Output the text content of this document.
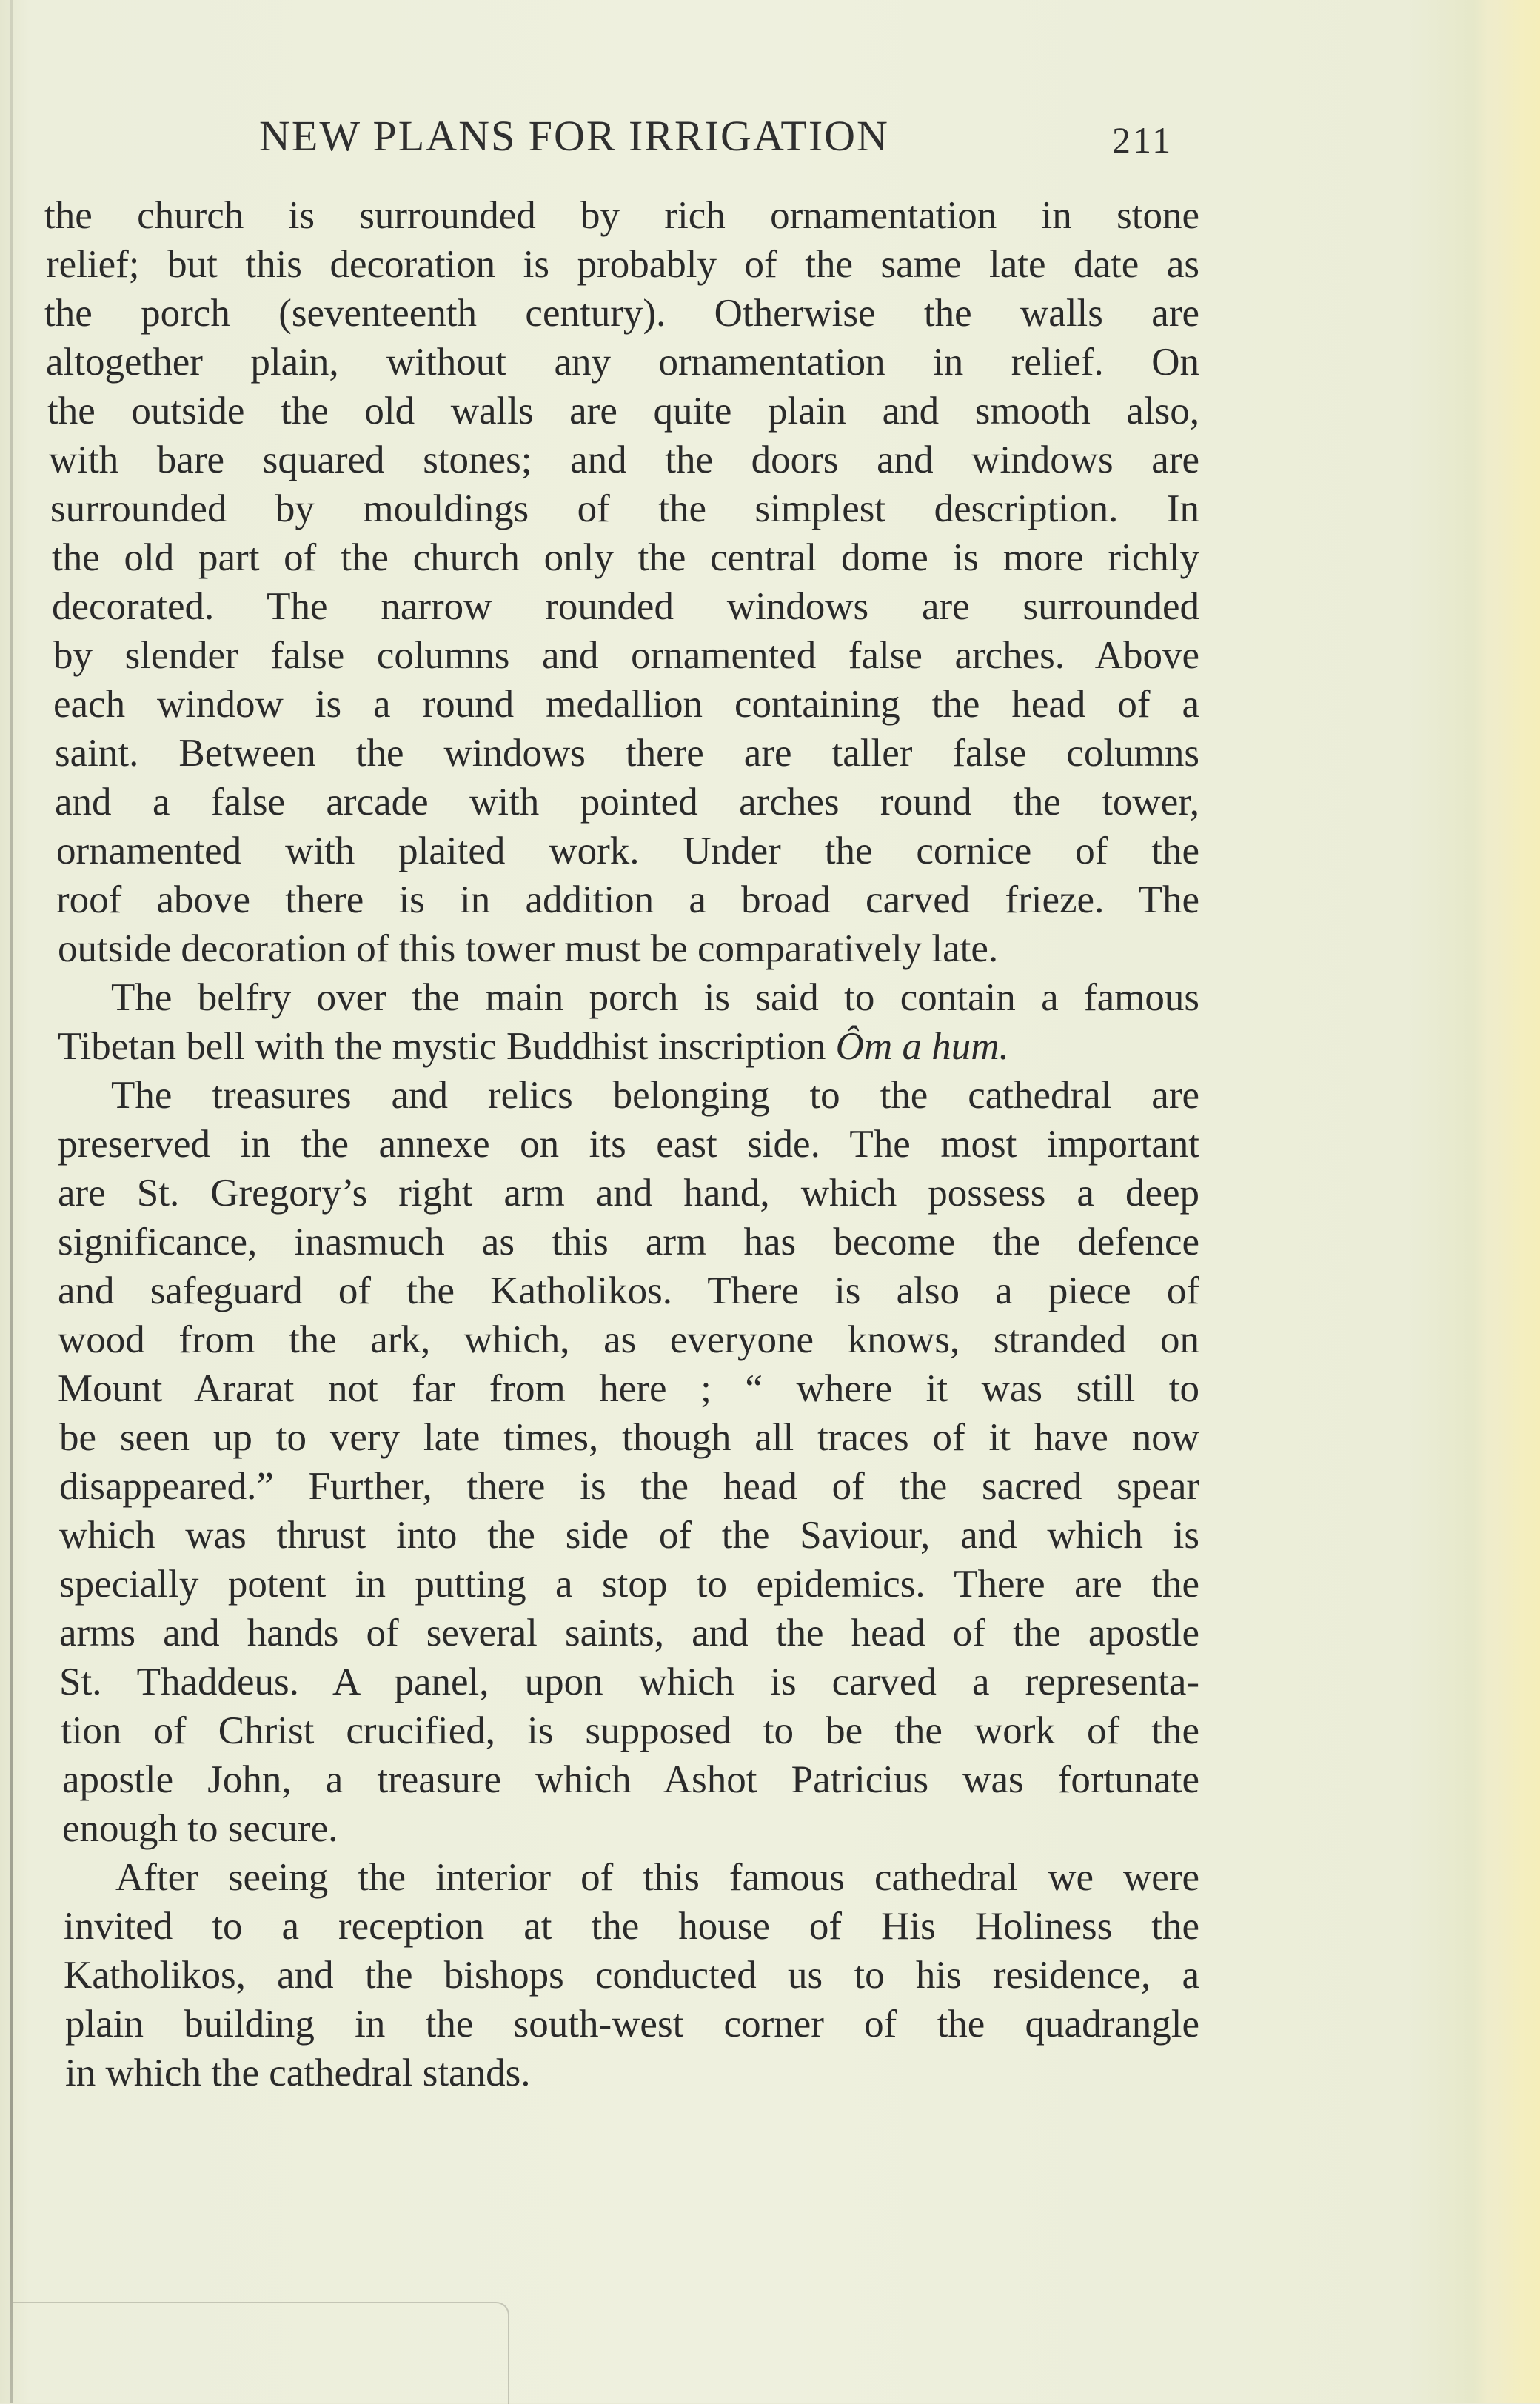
NEW PLANS FOR IRRIGATION	211
the church is surrounded by rich ornamentation in stone
relief; but this decoration is probably of the same late date as
the porch (seventeenth century). Otherwise the walls are
altogether plain, without any ornamentation in relief. On
the outside the old walls are quite plain and smooth also,
with bare squared stones; and the doors and windows are
surrounded by mouldings of the simplest description. In
the old part of the church only the central dome is more richly
decorated. The narrow rounded windows are surrounded
by slender false columns and ornamented false arches. Above
each window is a round medallion containing the head of a
saint. Between the windows there are taller false columns
and a false arcade with pointed arches round the tower,
ornamented with plaited work. Under the cornice of the
roof above there is in addition a broad carved frieze. The
outside decoration of this tower must be comparatively late.
The belfry over the main porch is said to contain a famous
Tibetan bell with the mystic Buddhist inscription Ôm a hum.
The treasures and relics belonging to the cathedral are
preserved in the annexe on its east side. The most important
are St. Gregory’s right arm and hand, which possess a deep
significance, inasmuch as this arm has become the defence
and safeguard of the Katholikos. There is also a piece of
wood from the ark, which, as everyone knows, stranded on
Mount Ararat not far from here ; “ where it was still to
be seen up to very late times, though all traces of it have now
disappeared.” Further, there is the head of the sacred spear
which was thrust into the side of the Saviour, and which is
specially potent in putting a stop to epidemics. There are the
arms and hands of several saints, and the head of the apostle
St. Thaddeus. A panel, upon which is carved a representa-
tion of Christ crucified, is supposed to be the work of the
apostle John, a treasure which Ashot Patricius was fortunate
enough to secure.
After seeing the interior of this famous cathedral we were
invited to a reception at the house of His Holiness the
Katholikos, and the bishops conducted us to his residence, a
plain building in the south-west corner of the quadrangle
in which the cathedral stands.
